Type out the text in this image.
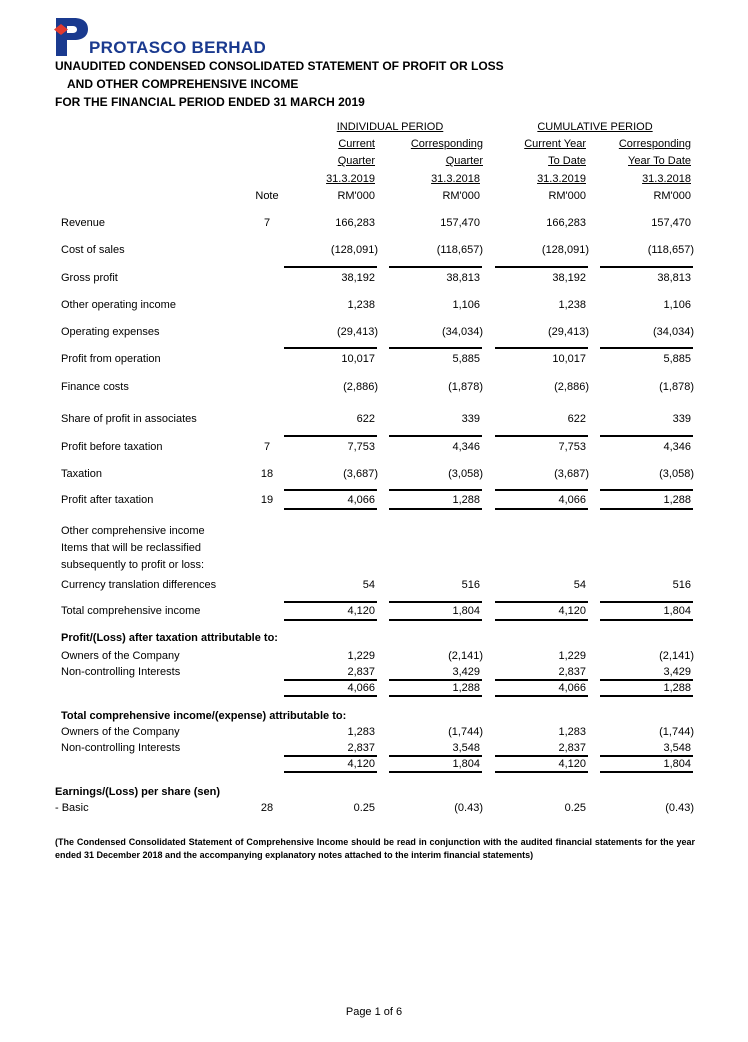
PROTASCO BERHAD
UNAUDITED CONDENSED CONSOLIDATED STATEMENT OF PROFIT OR LOSS
AND OTHER COMPREHENSIVE INCOME
FOR THE FINANCIAL PERIOD ENDED 31 MARCH 2019
INDIVIDUAL PERIOD	CUMULATIVE PERIOD
Current	Corresponding	Current Year	Corresponding
Quarter	Quarter	To Date	Year To Date
31.3.2019	31.3.2018	31.3.2019	31.3.2018
Note	RM'000	RM'000	RM'000	RM'000
Revenue	7	166,283	157,470	166,283	157,470
Cost of sales	(128,091)	(118,657)	(128,091)	(118,657)
Gross profit	38,192	38,813	38,192	38,813
Other operating income	1,238	1,106	1,238	1,106
Operating expenses	(29,413)	(34,034)	(29,413)	(34,034)
Profit from operation	10,017	5,885	10,017	5,885
Finance costs	(2,886)	(1,878)	(2,886)	(1,878)
Share of profit in associates	622	339	622	339
Profit before taxation	7	7,753	4,346	7,753	4,346
Taxation	18	(3,687)	(3,058)	(3,687)	(3,058)
Profit after taxation	19	4,066	1,288	4,066	1,288
Other comprehensive income
Items that will be reclassified
subsequently to profit or loss:
Currency translation differences	54	516	54	516
Total comprehensive income	4,120	1,804	4,120	1,804
Profit/(Loss) after taxation attributable to:
Owners of the Company	1,229	(2,141)	1,229	(2,141)
Non-controlling Interests	2,837	3,429	2,837	3,429
4,066	1,288	4,066	1,288
Total comprehensive income/(expense) attributable to:
Owners of the Company	1,283	(1,744)	1,283	(1,744)
Non-controlling Interests	2,837	3,548	2,837	3,548
4,120	1,804	4,120	1,804
Earnings/(Loss) per share (sen)
- Basic	28	0.25	(0.43)	0.25	(0.43)
(The Condensed Consolidated Statement of Comprehensive Income should be read in conjunction with the audited financial statements for the year ended 31 December 2018 and the accompanying explanatory notes attached to the interim financial statements)
Page 1 of 6
